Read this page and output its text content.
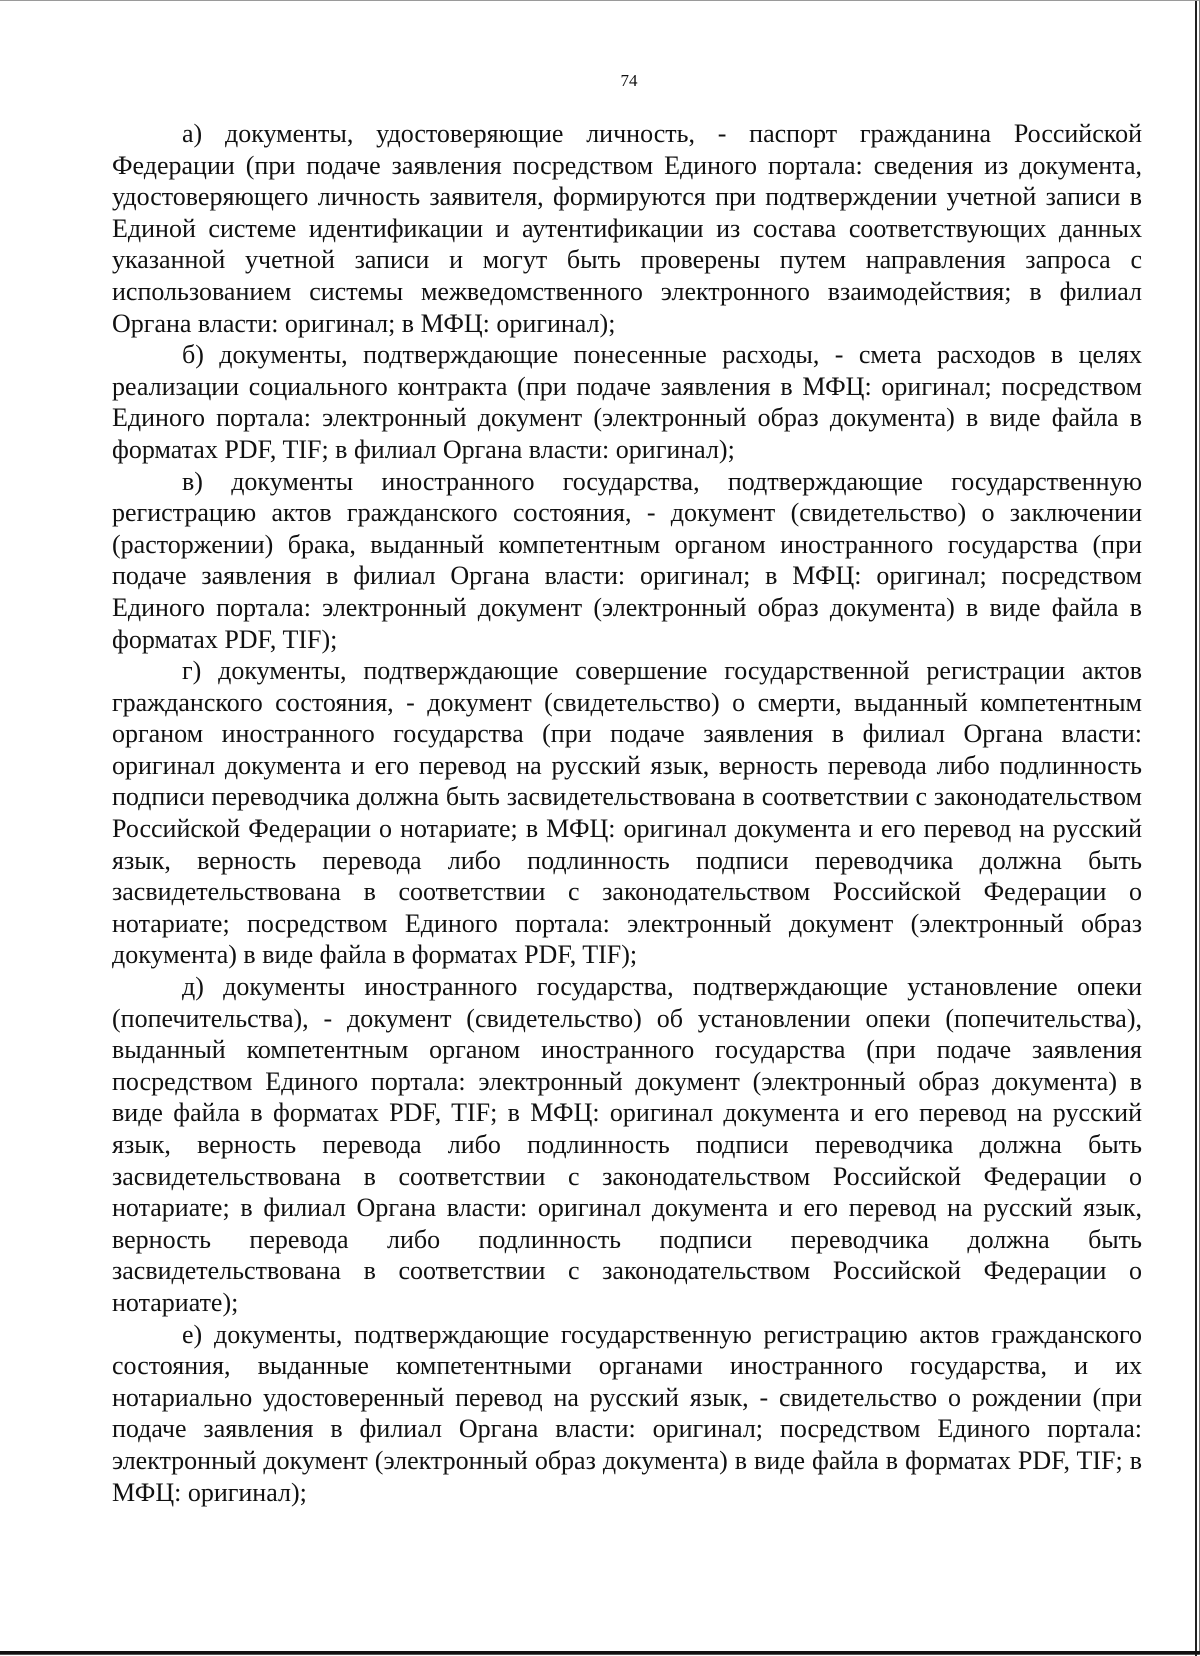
74

а) документы, удостоверяющие личность, - паспорт гражданина Российской Федерации (при подаче заявления посредством Единого портала: сведения из документа, удостоверяющего личность заявителя, формируются при подтверждении учетной записи в Единой системе идентификации и аутентификации из состава соответствующих данных указанной учетной записи и могут быть проверены путем направления запроса с использованием системы межведомственного электронного взаимодействия; в филиал Органа власти: оригинал; в МФЦ: оригинал);

б) документы, подтверждающие понесенные расходы, - смета расходов в целях реализации социального контракта (при подаче заявления в МФЦ: оригинал; посредством Единого портала: электронный документ (электронный образ документа) в виде файла в форматах PDF, TIF; в филиал Органа власти: оригинал);

в) документы иностранного государства, подтверждающие государственную регистрацию актов гражданского состояния, - документ (свидетельство) о заключении (расторжении) брака, выданный компетентным органом иностранного государства (при подаче заявления в филиал Органа власти: оригинал; в МФЦ: оригинал; посредством Единого портала: электронный документ (электронный образ документа) в виде файла в форматах PDF, TIF);

г) документы, подтверждающие совершение государственной регистрации актов гражданского состояния, - документ (свидетельство) о смерти, выданный компетентным органом иностранного государства (при подаче заявления в филиал Органа власти: оригинал документа и его перевод на русский язык, верность перевода либо подлинность подписи переводчика должна быть засвидетельствована в соответствии с законодательством Российской Федерации о нотариате; в МФЦ: оригинал документа и его перевод на русский язык, верность перевода либо подлинность подписи переводчика должна быть засвидетельствована в соответствии с законодательством Российской Федерации о нотариате; посредством Единого портала: электронный документ (электронный образ документа) в виде файла в форматах PDF, TIF);

д) документы иностранного государства, подтверждающие установление опеки (попечительства), - документ (свидетельство) об установлении опеки (попечительства), выданный компетентным органом иностранного государства (при подаче заявления посредством Единого портала: электронный документ (электронный образ документа) в виде файла в форматах PDF, TIF; в МФЦ: оригинал документа и его перевод на русский язык, верность перевода либо подлинность подписи переводчика должна быть засвидетельствована в соответствии с законодательством Российской Федерации о нотариате; в филиал Органа власти: оригинал документа и его перевод на русский язык, верность перевода либо подлинность подписи переводчика должна быть засвидетельствована в соответствии с законодательством Российской Федерации о нотариате);

е) документы, подтверждающие государственную регистрацию актов гражданского состояния, выданные компетентными органами иностранного государства, и их нотариально удостоверенный перевод на русский язык, - свидетельство о рождении (при подаче заявления в филиал Органа власти: оригинал; посредством Единого портала: электронный документ (электронный образ документа) в виде файла в форматах PDF, TIF; в МФЦ: оригинал);
